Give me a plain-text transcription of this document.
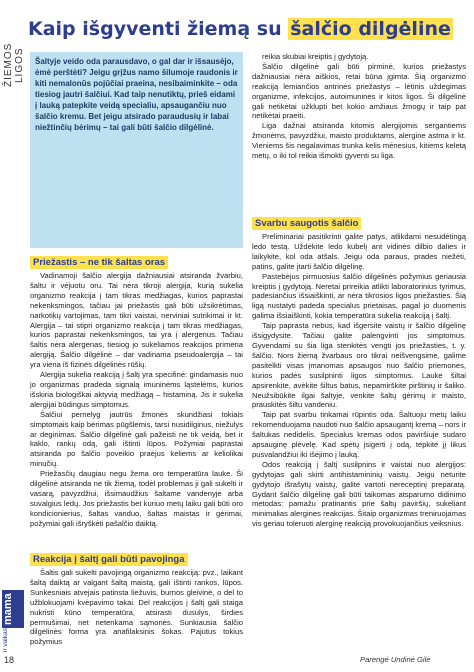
ŽIEMOS LIGOS
mama
ir vaikas
18
Kaip išgyventi žiemą su šalčio dilgėline
Šaltyje veido oda parausdavo, o gal dar ir išsausėjo, ėmė perštėti? Jeigu grįžus namo šilumoje raudonis ir kiti nemalonūs pojūčiai praeina, nesibaiminkite – oda tiesiog jautri šalčiui. Kad taip nenutiktų, prieš eidami į lauką patepkite veidą specialiu, apsaugančiu nuo šalčio kremu. Bet jeigu atsirado paraudusių ir labai niežtinčių bėrimų – tai gali būti šalčio dilgėlinė.
Priežastis – ne tik šaltas oras

Vadinamoji šalčio alergija dažniausiai atsiranda žvarbiu, šaltu ir vėjuotu oru. Tai nėra tikroji alergija, kurią sukelia organizmo reakcija į tam tikras medžiagas, kurios paprastai nekenksmingos, tačiau jai priežastis gali būti užsikrėtimas, narkotikų vartojimas, tam tikri vaistai, nerviniai sutrikimai ir kt. Alergija – tai stipri organizmo reakcija į tam tikras medžiagas, kurios paprastai nekenksmingos, tai yra į alergenus. Tačiau šaltis nėra alergenas, tiesiog jo sukeliamos reakcijos primena alergiją. Šalčio dilgėlinė – dar vadinama pseudoalergija – tai yra viena iš fizinės dilgėlinės rūšių.

Alergija sukelia reakciją į šaltį yra specifinė: gindamasis nuo jo organizmas pradeda signalą imuninėms ląstelėms, kurios išskiria biologiškai aktyvią medžiagą – histaminą. Jis ir sukelia alergijai būdingus simptomus.

Šalčiui pernelyg jautrūs žmonės skundžiasi tokiais simptomais kaip bėrimas pūgšlemis, tarsi nusidilginus, niežulys ar deginimas. Šalčio dilgėlinė gali pažeisti ne tik veidą, bet ir kaklo, rankų odą, gali ištinti lūpos. Požymiai paprastai atsiranda po šalčio poveikio praėjus keliems ar keliolikai minučių.

Priežasčių daugiau negu žema oro temperatūra lauke. Ši dilgėlinė atsiranda ne tik žiemą, todėl problemas ji gali sukelti ir vasarą, pavyzdžiui, išsimaudžius šaltame vandenyje arba suvalgius ledų. Jos priežastis bet kuriuo metų laiku gali būti oro kondicionierius, šaltas vanduo, šaltas maistas ir gėrimai, požymiai gali išryškėti pašalčio daiktą.

Reakcija į šaltį gali būti pavojinga

Šaltis gali sukelti pavojingą organizmo reakciją: pvz., laikant šaltą daiktą ar valgant šaltą maistą, gali ištinti rankos, lūpos. Sunkesniais atvejais patinsta liežuvis, burnos gleivinė, o del to užblokuojami kvėpavimo takai. Del reakcijos į šaltį gali staiga nukristi kūno temperatūra, atsirasti dusulys, širdies permušimai, net netenkama sąmonės. Sunkiausia šalčio dilgėlinės forma yra anafilaksinis šokas. Pajutus tokius požymius

reikia skubiai kreiptis į gydytoją.

Šalčio dilgėlinė gali būti pirminė, kurios priežastys dažniausiai nėra aiškios, retai būna įgimta. Šią organizmo reakciją lemiančios antrinės priežastys – lėtinis uždegimas organizme, infekcijos, autoimuninės ir kitos ligos. Ši dilgėlinė gali netikėtai užklupti bet kokio amžiaus žmogų ir taip pat netikėtai praeiti.

Liga dažnai atsiranda kitomis alergijomis sergantiems žmonėms, pavyzdžiui, maisto produktams, alergine astma ir kt. Vieniems šis negalavimas trunka kelis mėnesius, kitiems keletą metų, o iki tol reikia išmokti gyventi su liga.

Svarbu saugotis šalčio

Preliminariai pasitikrinti galite patys, atlikdami nesudėtingą ledo testą. Uždėkite ledo kubelį ant vidinės dilbio dalies ir laikykite, kol oda atšals. Jeigu oda paraus, prades niežėti, patins, galite įtarti šalčio dilgėlinę.

Pastebėjus pirmuosius šalčio dilgėlinės požymius geriausia kreiptis į gydytoją. Neretai prireikia atlikti laboratorinius tyrimus, padesiančius išsiaiškinti, ar nėra tikrosios ligos priežasties. Šią ligą nustatyti padeda specialus prietaisas, pagal jo duomenis galima išsiaiškinti, kokia temperatūra sukelia reakciją į šaltį.

Taip paprasta nebus, kad išgersite vaistų ir šalčio dilgėlinę išsigydysite. Tačiau galite palengvinti jos simptomus. Gyvendami su šia liga stenkitės vengti jos priežasties, t. y. šalčio. Nors žiemą žvarbaus oro tikrai neišvengsime, galime pasitelkti visas įmanomas apsaugos nuo šalčio priemones, kurios padės susilpninti ligos simptomus. Lauke šiltai apsirenkite, avėkite šiltus batus, nepamirškite pirštinių ir šaliko. Neužsibūkite ilgai šaltyje, venkite šaltų gėrimų ir maisto, prauskitės šiltu vandeniu.

Taip pat svarbu tinkamai rūpintis oda. Šaltuoju metų laiku rekomenduojama naudoti nuo šalčio apsaugantį kremą – nors ir šaltukas nedidelis. Specialus kremas odos paviršiuje sudaro apsauginę plėvelę. Kad spėtų įsigerti į odą, tepkite jį likus pusvalandžiui iki išėjimo į lauką.

Odos reakciją į šaltį susilpnins ir vaistai nuo alergijos: gydytojas gali skirti antihistamininių vaistų. Jeigu neturite gydytojo išrašytų vaistų, galite vartoti nereceptinį preparatą. Gydant šalčio dilgėlinę gali būti taikomas atsparumo didinimo metodas: pamažu pratinantis prie šaltų paviršių, sukeliant minimalias alergines reakcijas. Šitaip organizmas treniruojamas vis geriau toleruoti alerginę reakciją provokuojančius veiksnius.

Parengė Undinė Gilė
